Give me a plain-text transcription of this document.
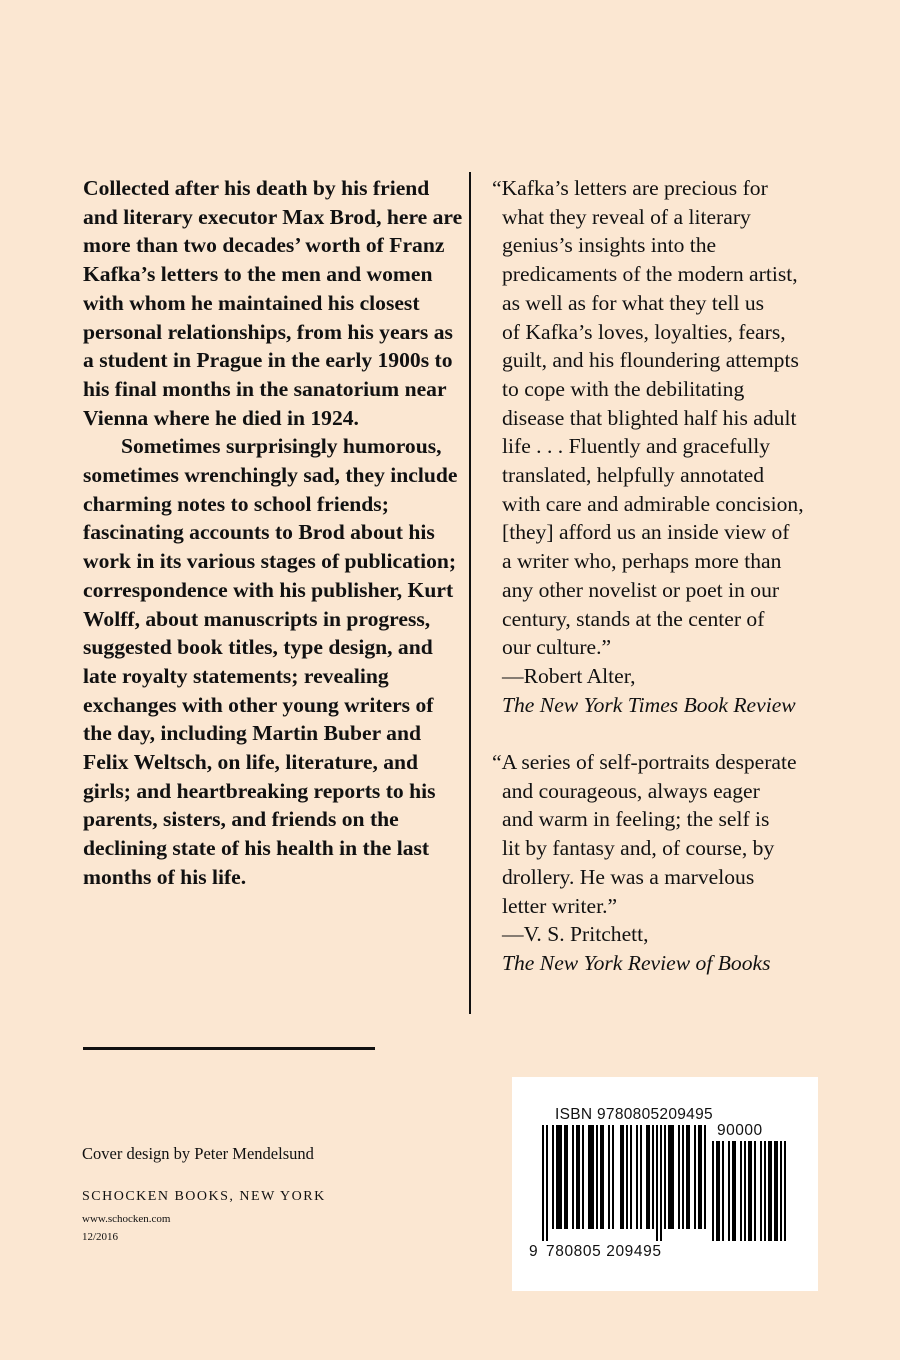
Collected after his death by his friend and literary executor Max Brod, here are more than two decades’ worth of Franz Kafka’s letters to the men and women with whom he maintained his closest personal relationships, from his years as a student in Prague in the early 1900s to his final months in the sanatorium near Vienna where he died in 1924.

Sometimes surprisingly humorous, sometimes wrenchingly sad, they include charming notes to school friends; fascinating accounts to Brod about his work in its various stages of publication; correspondence with his publisher, Kurt Wolff, about manuscripts in progress, suggested book titles, type design, and late royalty statements; revealing exchanges with other young writers of the day, including Martin Buber and Felix Weltsch, on life, literature, and girls; and heartbreaking reports to his parents, sisters, and friends on the declining state of his health in the last months of his life.

“Kafka’s letters are precious for
what they reveal of a literary
genius’s insights into the
predicaments of the modern artist,
as well as for what they tell us
of Kafka’s loves, loyalties, fears,
guilt, and his floundering attempts
to cope with the debilitating
disease that blighted half his adult
life . . . Fluently and gracefully
translated, helpfully annotated
with care and admirable concision,
[they] afford us an inside view of
a writer who, perhaps more than
any other novelist or poet in our
century, stands at the center of
our culture.”
—Robert Alter,
The New York Times Book Review
“A series of self-portraits desperate
and courageous, always eager
and warm in feeling; the self is
lit by fantasy and, of course, by
drollery. He was a marvelous
letter writer.”
—V. S. Pritchett,
The New York Review of Books
Cover design by Peter Mendelsund
SCHOCKEN BOOKS, NEW YORK
www.schocken.com
12/2016
ISBN 9780805209495
90000
9 780805 209495
